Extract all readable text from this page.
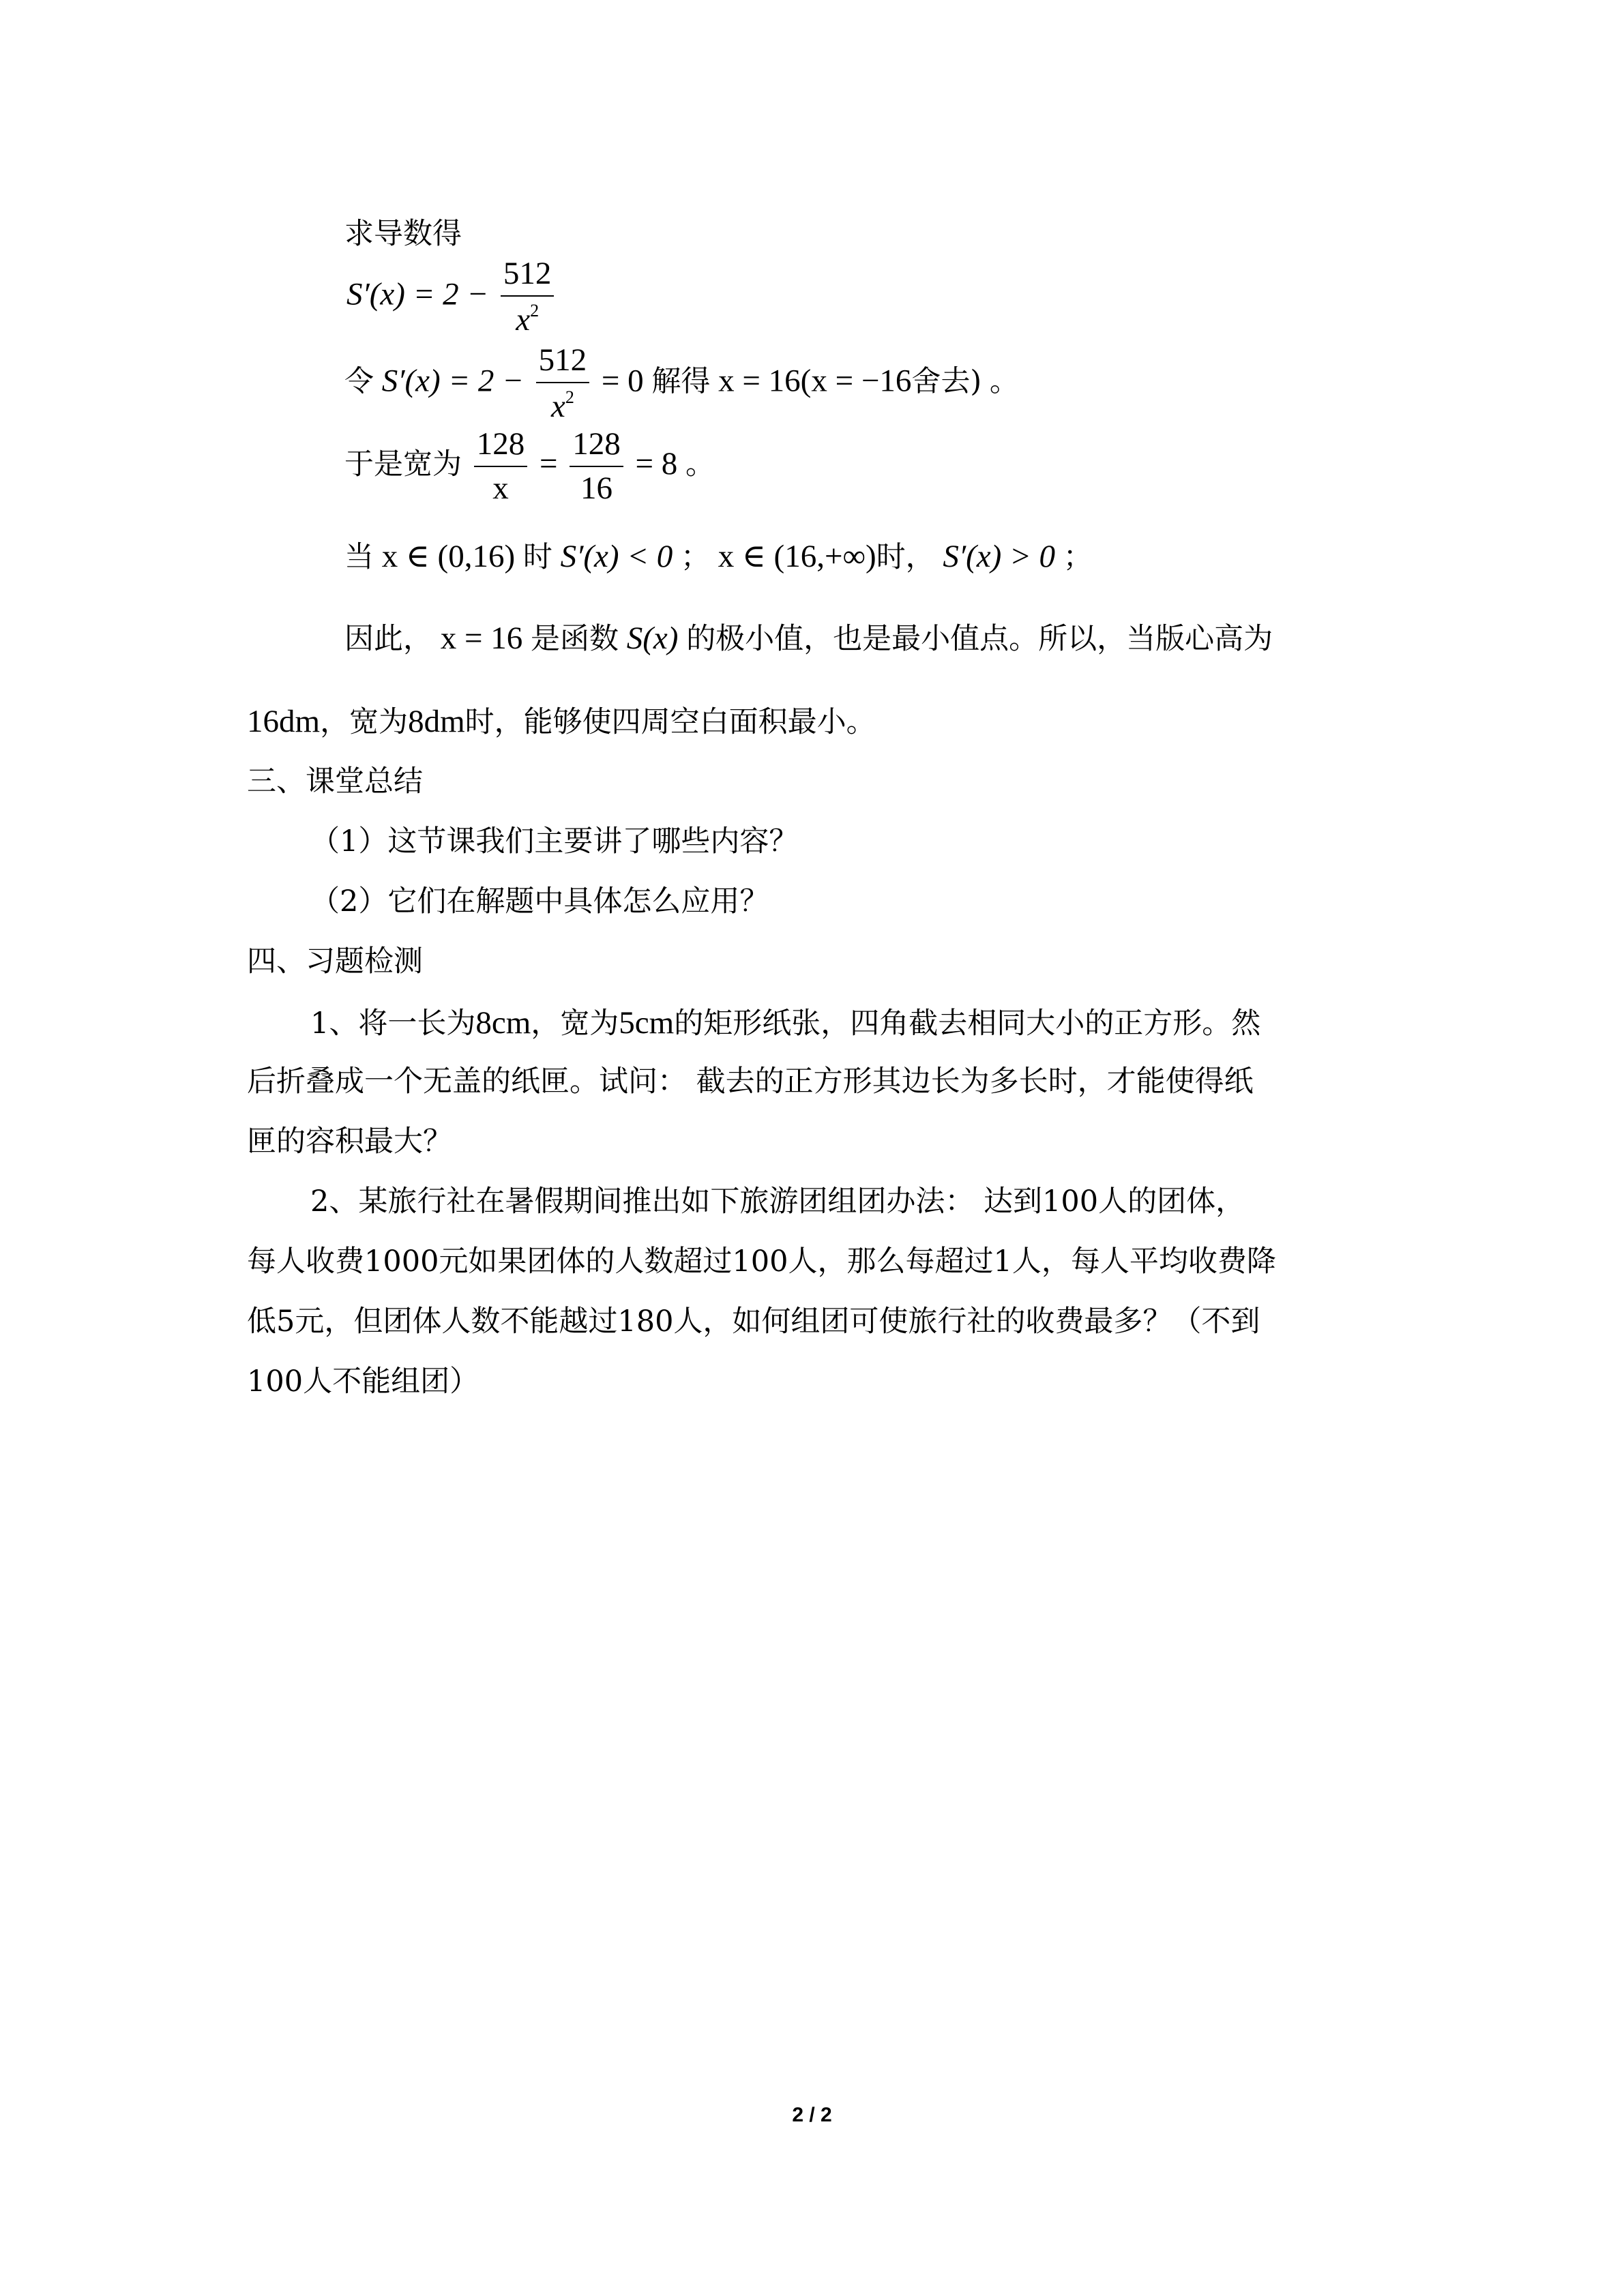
求导数得
$S'(x) = 2 - \frac{512}{x^2}$
令 $S'(x) = 2 - \frac{512}{x^2} = 0$ 解得 x = 16(x = −16舍去) 。
于是宽为 $\frac{128}{x} = \frac{128}{16} = 8$ 。
当 x ∈ (0,16) 时 S′(x) < 0 ； x ∈ (16,+∞)时， S′(x) > 0 ；
因此， x = 16 是函数 S(x) 的极小值，也是最小值点。所以，当版心高为
16dm，宽为8dm时，能够使四周空白面积最小。
三、课堂总结
（1）这节课我们主要讲了哪些内容？
（2）它们在解题中具体怎么应用？
四、习题检测
1、将一长为8cm，宽为5cm的矩形纸张，四角截去相同大小的正方形。然
后折叠成一个无盖的纸匣。试问： 截去的正方形其边长为多长时，才能使得纸
匣的容积最大？
2、某旅行社在暑假期间推出如下旅游团组团办法： 达到100人的团体，
每人收费1000元如果团体的人数超过100人，那么每超过1人，每人平均收费降
低5元，但团体人数不能越过180人，如何组团可使旅行社的收费最多？（不到
100人不能组团）
2 / 2
